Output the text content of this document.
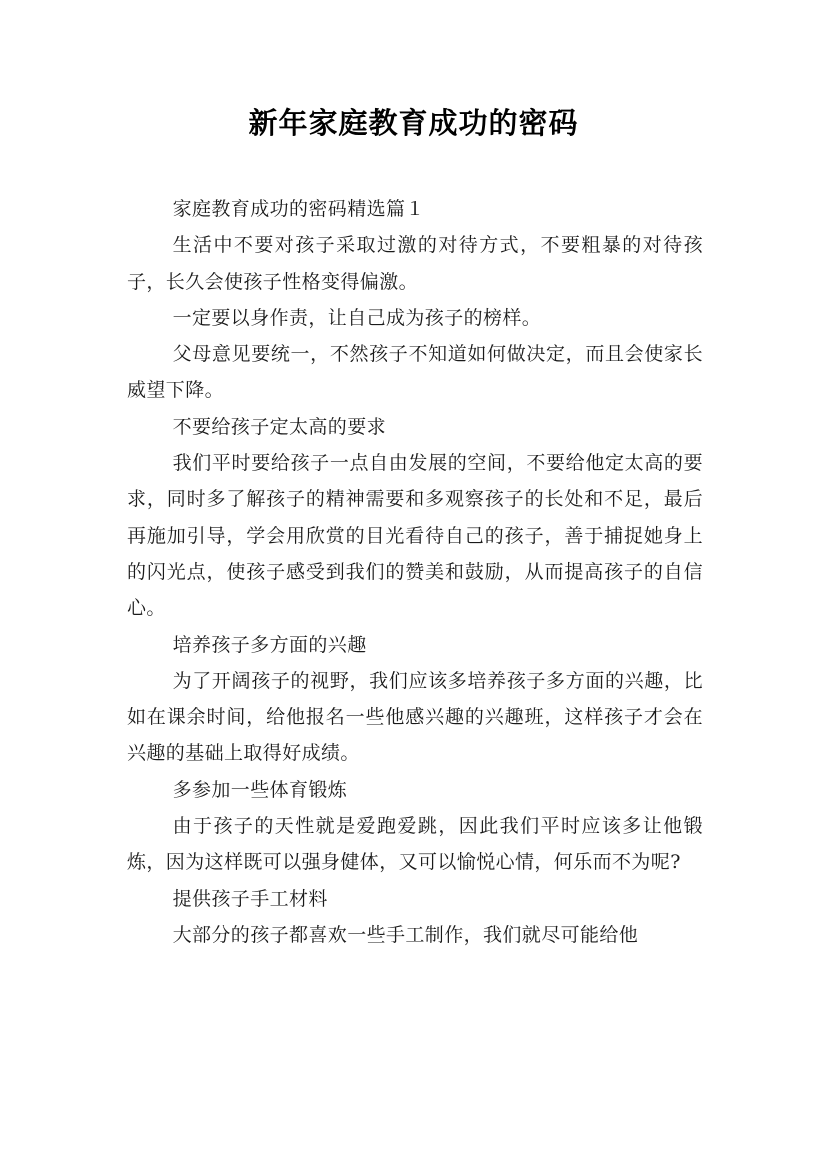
新年家庭教育成功的密码

家庭教育成功的密码精选篇１

生活中不要对孩子采取过激的对待方式，不要粗暴的对待孩子，长久会使孩子性格变得偏激。

一定要以身作责，让自己成为孩子的榜样。

父母意见要统一，不然孩子不知道如何做决定，而且会使家长威望下降。

不要给孩子定太高的要求

我们平时要给孩子一点自由发展的空间，不要给他定太高的要求，同时多了解孩子的精神需要和多观察孩子的长处和不足，最后再施加引导，学会用欣赏的目光看待自己的孩子，善于捕捉她身上的闪光点，使孩子感受到我们的赞美和鼓励，从而提高孩子的自信心。

培养孩子多方面的兴趣

为了开阔孩子的视野，我们应该多培养孩子多方面的兴趣，比如在课余时间，给他报名一些他感兴趣的兴趣班，这样孩子才会在兴趣的基础上取得好成绩。

多参加一些体育锻炼

由于孩子的天性就是爱跑爱跳，因此我们平时应该多让他锻炼，因为这样既可以强身健体，又可以愉悦心情，何乐而不为呢?

提供孩子手工材料

大部分的孩子都喜欢一些手工制作，我们就尽可能给他
